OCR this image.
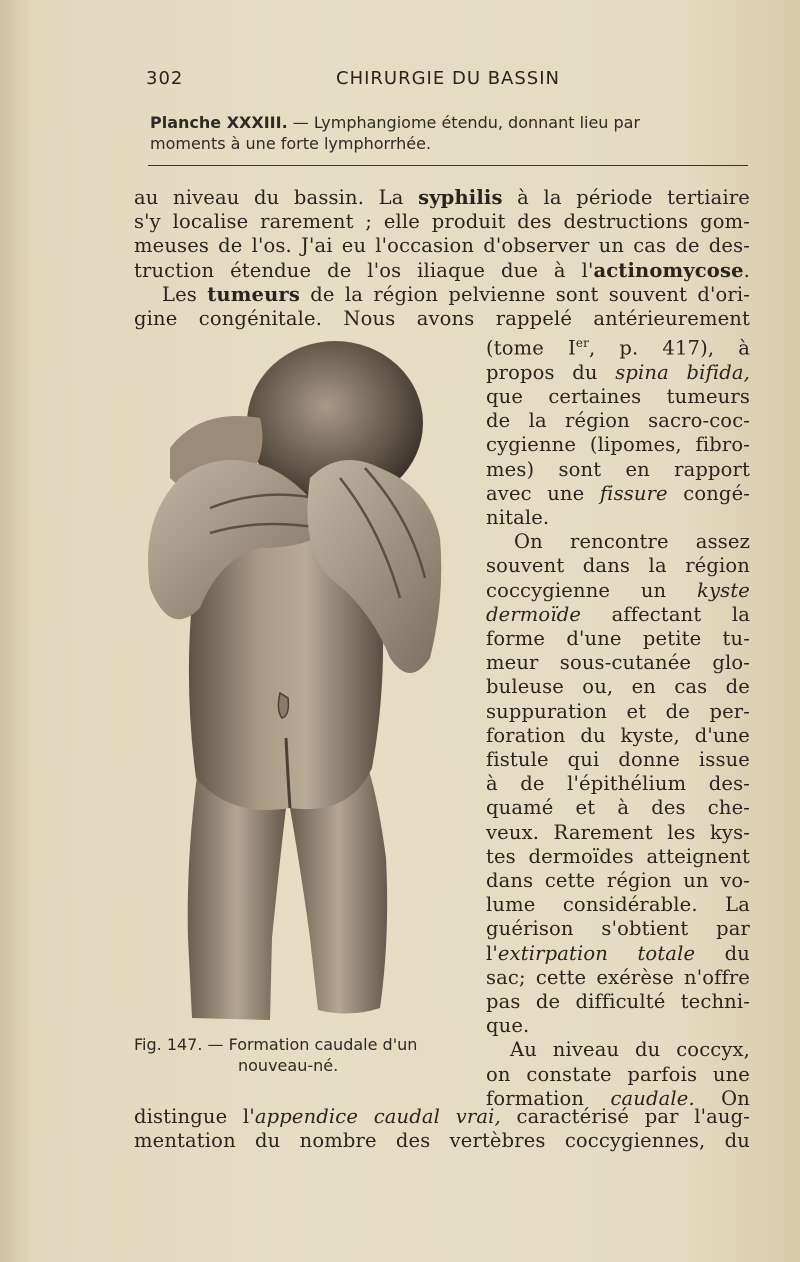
302	CHIRURGIE DU BASSIN
Planche XXXIII. — Lymphangiome étendu, donnant lieu par
moments à une forte lymphorrhée.
au niveau du bassin. La syphilis à la période tertiaire
s'y localise rarement ; elle produit des destructions gom-
meuses de l'os. J'ai eu l'occasion d'observer un cas de des-
truction étendue de l'os iliaque due à l'actinomycose.
Les tumeurs de la région pelvienne sont souvent d'ori-
gine congénitale. Nous avons rappelé antérieurement
Fig. 147. — Formation caudale d'un
nouveau-né.
(tome Ier, p. 417), à
propos du spina bifida,
que certaines tumeurs
de la région sacro-coc-
cygienne (lipomes, fibro-
mes) sont en rapport
avec une fissure congé-
nitale.
On rencontre assez
souvent dans la région
coccygienne un kyste
dermoïde affectant la
forme d'une petite tu-
meur sous-cutanée glo-
buleuse ou, en cas de
suppuration et de per-
foration du kyste, d'une
fistule qui donne issue
à de l'épithélium des-
quamé et à des che-
veux. Rarement les kys-
tes dermoïdes atteignent
dans cette région un vo-
lume considérable. La
guérison s'obtient par
l'extirpation totale du
sac; cette exérèse n'offre
pas de difficulté techni-
que.
Au niveau du coccyx,
on constate parfois une
formation caudale. On
distingue l'appendice caudal vrai, caractérisé par l'aug-
mentation du nombre des vertèbres coccygiennes, du
